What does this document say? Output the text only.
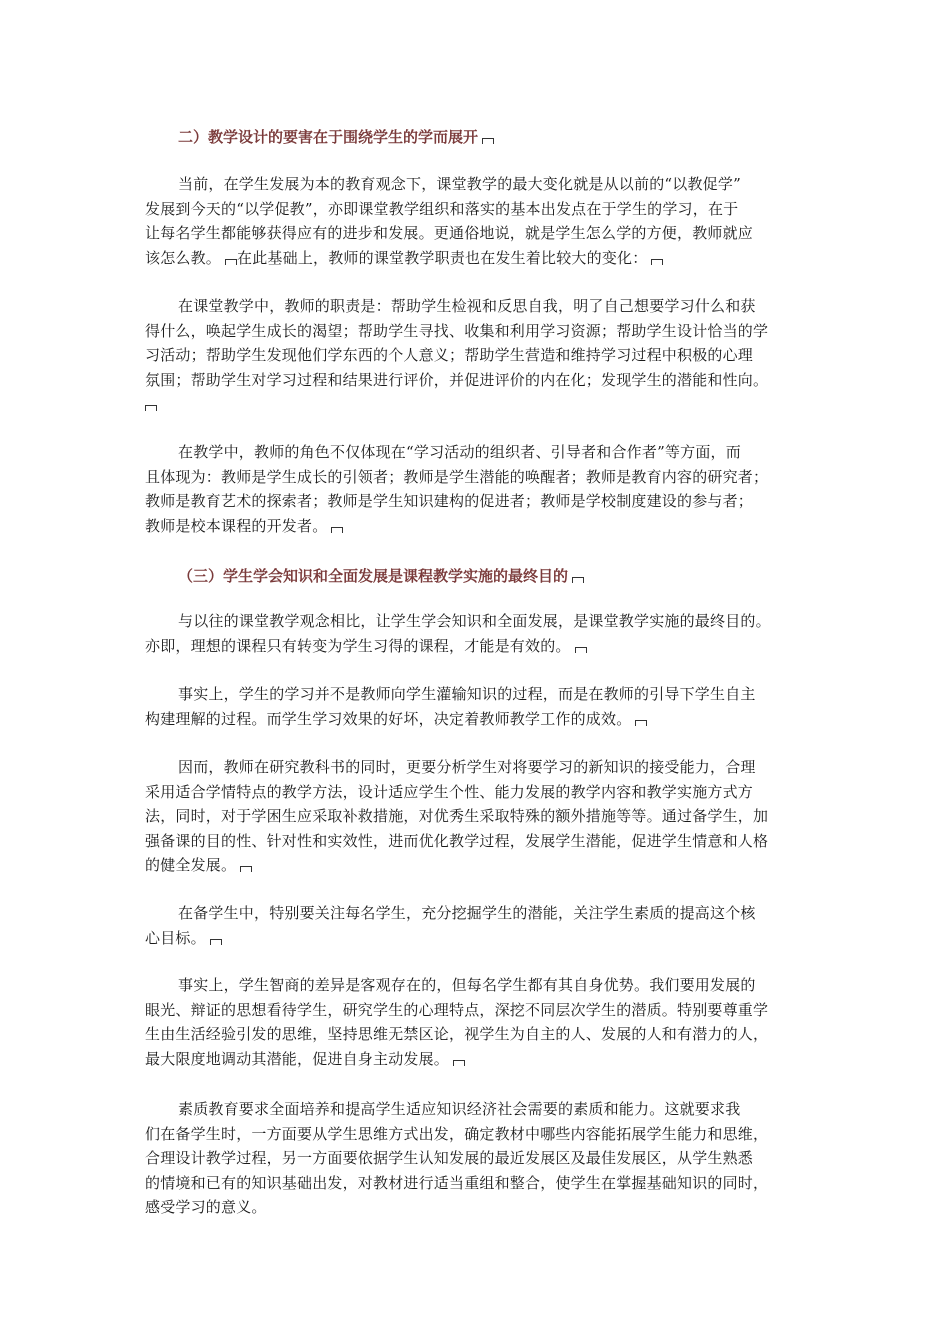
二）教学设计的要害在于围绕学生的学而展开
当前，在学生发展为本的教育观念下，课堂教学的最大变化就是从以前的“以教促学”
发展到今天的“以学促教”，亦即课堂教学组织和落实的基本出发点在于学生的学习，在于
让每名学生都能够获得应有的进步和发展。更通俗地说，就是学生怎么学的方便，教师就应
该怎么教。 在此基础上，教师的课堂教学职责也在发生着比较大的变化：
在课堂教学中，教师的职责是：帮助学生检视和反思自我，明了自己想要学习什么和获
得什么，唤起学生成长的渴望；帮助学生寻找、收集和利用学习资源；帮助学生设计恰当的学
习活动；帮助学生发现他们学东西的个人意义；帮助学生营造和维持学习过程中积极的心理
氛围；帮助学生对学习过程和结果进行评价，并促进评价的内在化；发现学生的潜能和性向。
在教学中，教师的角色不仅体现在“学习活动的组织者、引导者和合作者”等方面，而
且体现为：教师是学生成长的引领者；教师是学生潜能的唤醒者；教师是教育内容的研究者；
教师是教育艺术的探索者；教师是学生知识建构的促进者；教师是学校制度建设的参与者；
教师是校本课程的开发者。
（三）学生学会知识和全面发展是课程教学实施的最终目的
与以往的课堂教学观念相比，让学生学会知识和全面发展，是课堂教学实施的最终目的。
亦即，理想的课程只有转变为学生习得的课程，才能是有效的。
事实上，学生的学习并不是教师向学生灌输知识的过程，而是在教师的引导下学生自主
构建理解的过程。而学生学习效果的好坏，决定着教师教学工作的成效。
因而，教师在研究教科书的同时，更要分析学生对将要学习的新知识的接受能力，合理
采用适合学情特点的教学方法，设计适应学生个性、能力发展的教学内容和教学实施方式方
法，同时，对于学困生应采取补救措施，对优秀生采取特殊的额外措施等等。通过备学生，加
强备课的目的性、针对性和实效性，进而优化教学过程，发展学生潜能，促进学生情意和人格
的健全发展。
在备学生中，特别要关注每名学生，充分挖掘学生的潜能，关注学生素质的提高这个核
心目标。
事实上，学生智商的差异是客观存在的，但每名学生都有其自身优势。我们要用发展的
眼光、辩证的思想看待学生，研究学生的心理特点，深挖不同层次学生的潜质。特别要尊重学
生由生活经验引发的思维，坚持思维无禁区论，视学生为自主的人、发展的人和有潜力的人，
最大限度地调动其潜能，促进自身主动发展。
素质教育要求全面培养和提高学生适应知识经济社会需要的素质和能力。这就要求我
们在备学生时，一方面要从学生思维方式出发，确定教材中哪些内容能拓展学生能力和思维，
合理设计教学过程，另一方面要依据学生认知发展的最近发展区及最佳发展区，从学生熟悉
的情境和已有的知识基础出发，对教材进行适当重组和整合，使学生在掌握基础知识的同时，
感受学习的意义。
